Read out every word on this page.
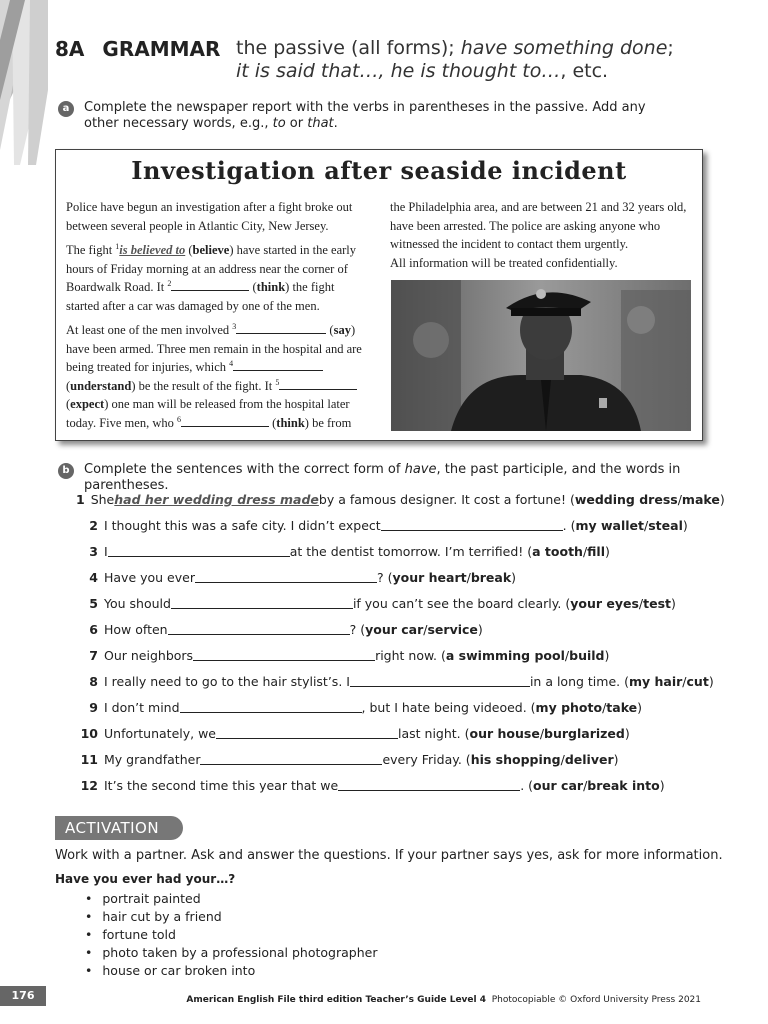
8A GRAMMAR the passive (all forms); have something done;
it is said that…, he is thought to…, etc.
a	Complete the newspaper report with the verbs in parentheses in the passive. Add any other necessary words, e.g., to or that.
Investigation after seaside incident

Police have begun an investigation after a fight broke out between several people in Atlantic City, New Jersey.

The fight $^1$is believed to (believe) have started in the early hours of Friday morning at an address near the corner of Boardwalk Road. It $^2$	(think) the fight started after a car was damaged by one of the men.

At least one of the men involved $^3$	(say) have been armed. Three men remain in the hospital and are being treated for injuries, which $^4$
(understand) be the result of the fight. It $^5$ (expect) one man will be released from the hospital later today. Five men, who $^6$	(think) be from

the Philadelphia area, and are between 21 and 32 years old, have been arrested. The police are asking anyone who witnessed the incident to contact them urgently.

All information will be treated confidentially.

b	Complete the sentences with the correct form of have, the past participle, and the words in parentheses.
1 She had her wedding dress made by a famous designer. It cost a fortune! ( wedding dress / make )
2 I thought this was a safe city. I didn’t expect	. ( my wallet / steal )
3 I	at the dentist tomorrow. I’m terrified! ( a tooth / fill )
4 Have you ever	? ( your heart / break )
5 You should	if you can’t see the board clearly. ( your eyes / test )
6 How often	? ( your car / service )
7 Our neighbors	right now. ( a swimming pool / build )
8 I really need to go to the hair stylist’s. I	in a long time. ( my hair / cut )
9 I don’t mind	, but I hate being videoed. ( my photo / take )
10 Unfortunately, we	last night. ( our house / burglarized )
11 My grandfather	every Friday. ( his shopping / deliver )
12 It’s the second time this year that we	. ( our car / break into )
ACTIVATION
Work with a partner. Ask and answer the questions. If your partner says yes, ask for more information.
Have you ever had your…?
• portrait painted
• hair cut by a friend
• fortune told
• photo taken by a professional photographer
• house or car broken into
176	American English File third edition Teacher’s Guide Level 4 Photocopiable © Oxford University Press 2021
